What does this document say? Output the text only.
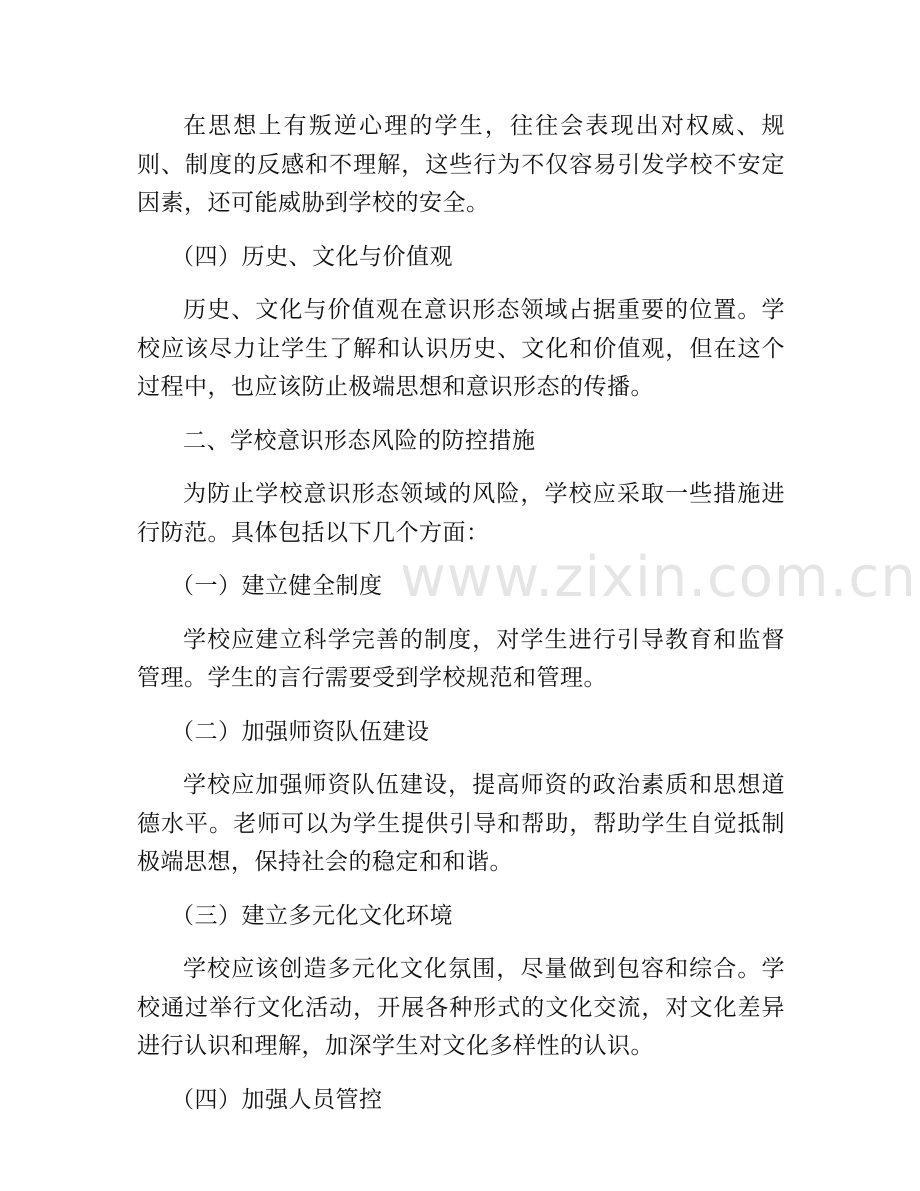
在思想上有叛逆心理的学生，往往会表现出对权威、规则、制度的反感和不理解，这些行为不仅容易引发学校不安定因素，还可能威胁到学校的安全。

（四）历史、文化与价值观

历史、文化与价值观在意识形态领域占据重要的位置。学校应该尽力让学生了解和认识历史、文化和价值观，但在这个过程中，也应该防止极端思想和意识形态的传播。

二、学校意识形态风险的防控措施

为防止学校意识形态领域的风险，学校应采取一些措施进行防范。具体包括以下几个方面：

（一）建立健全制度

学校应建立科学完善的制度，对学生进行引导教育和监督管理。学生的言行需要受到学校规范和管理。

（二）加强师资队伍建设

学校应加强师资队伍建设，提高师资的政治素质和思想道德水平。老师可以为学生提供引导和帮助，帮助学生自觉抵制极端思想，保持社会的稳定和和谐。

（三）建立多元化文化环境

学校应该创造多元化文化氛围，尽量做到包容和综合。学校通过举行文化活动，开展各种形式的文化交流，对文化差异进行认识和理解，加深学生对文化多样性的认识。

（四）加强人员管控

www.zixin.com.cn
